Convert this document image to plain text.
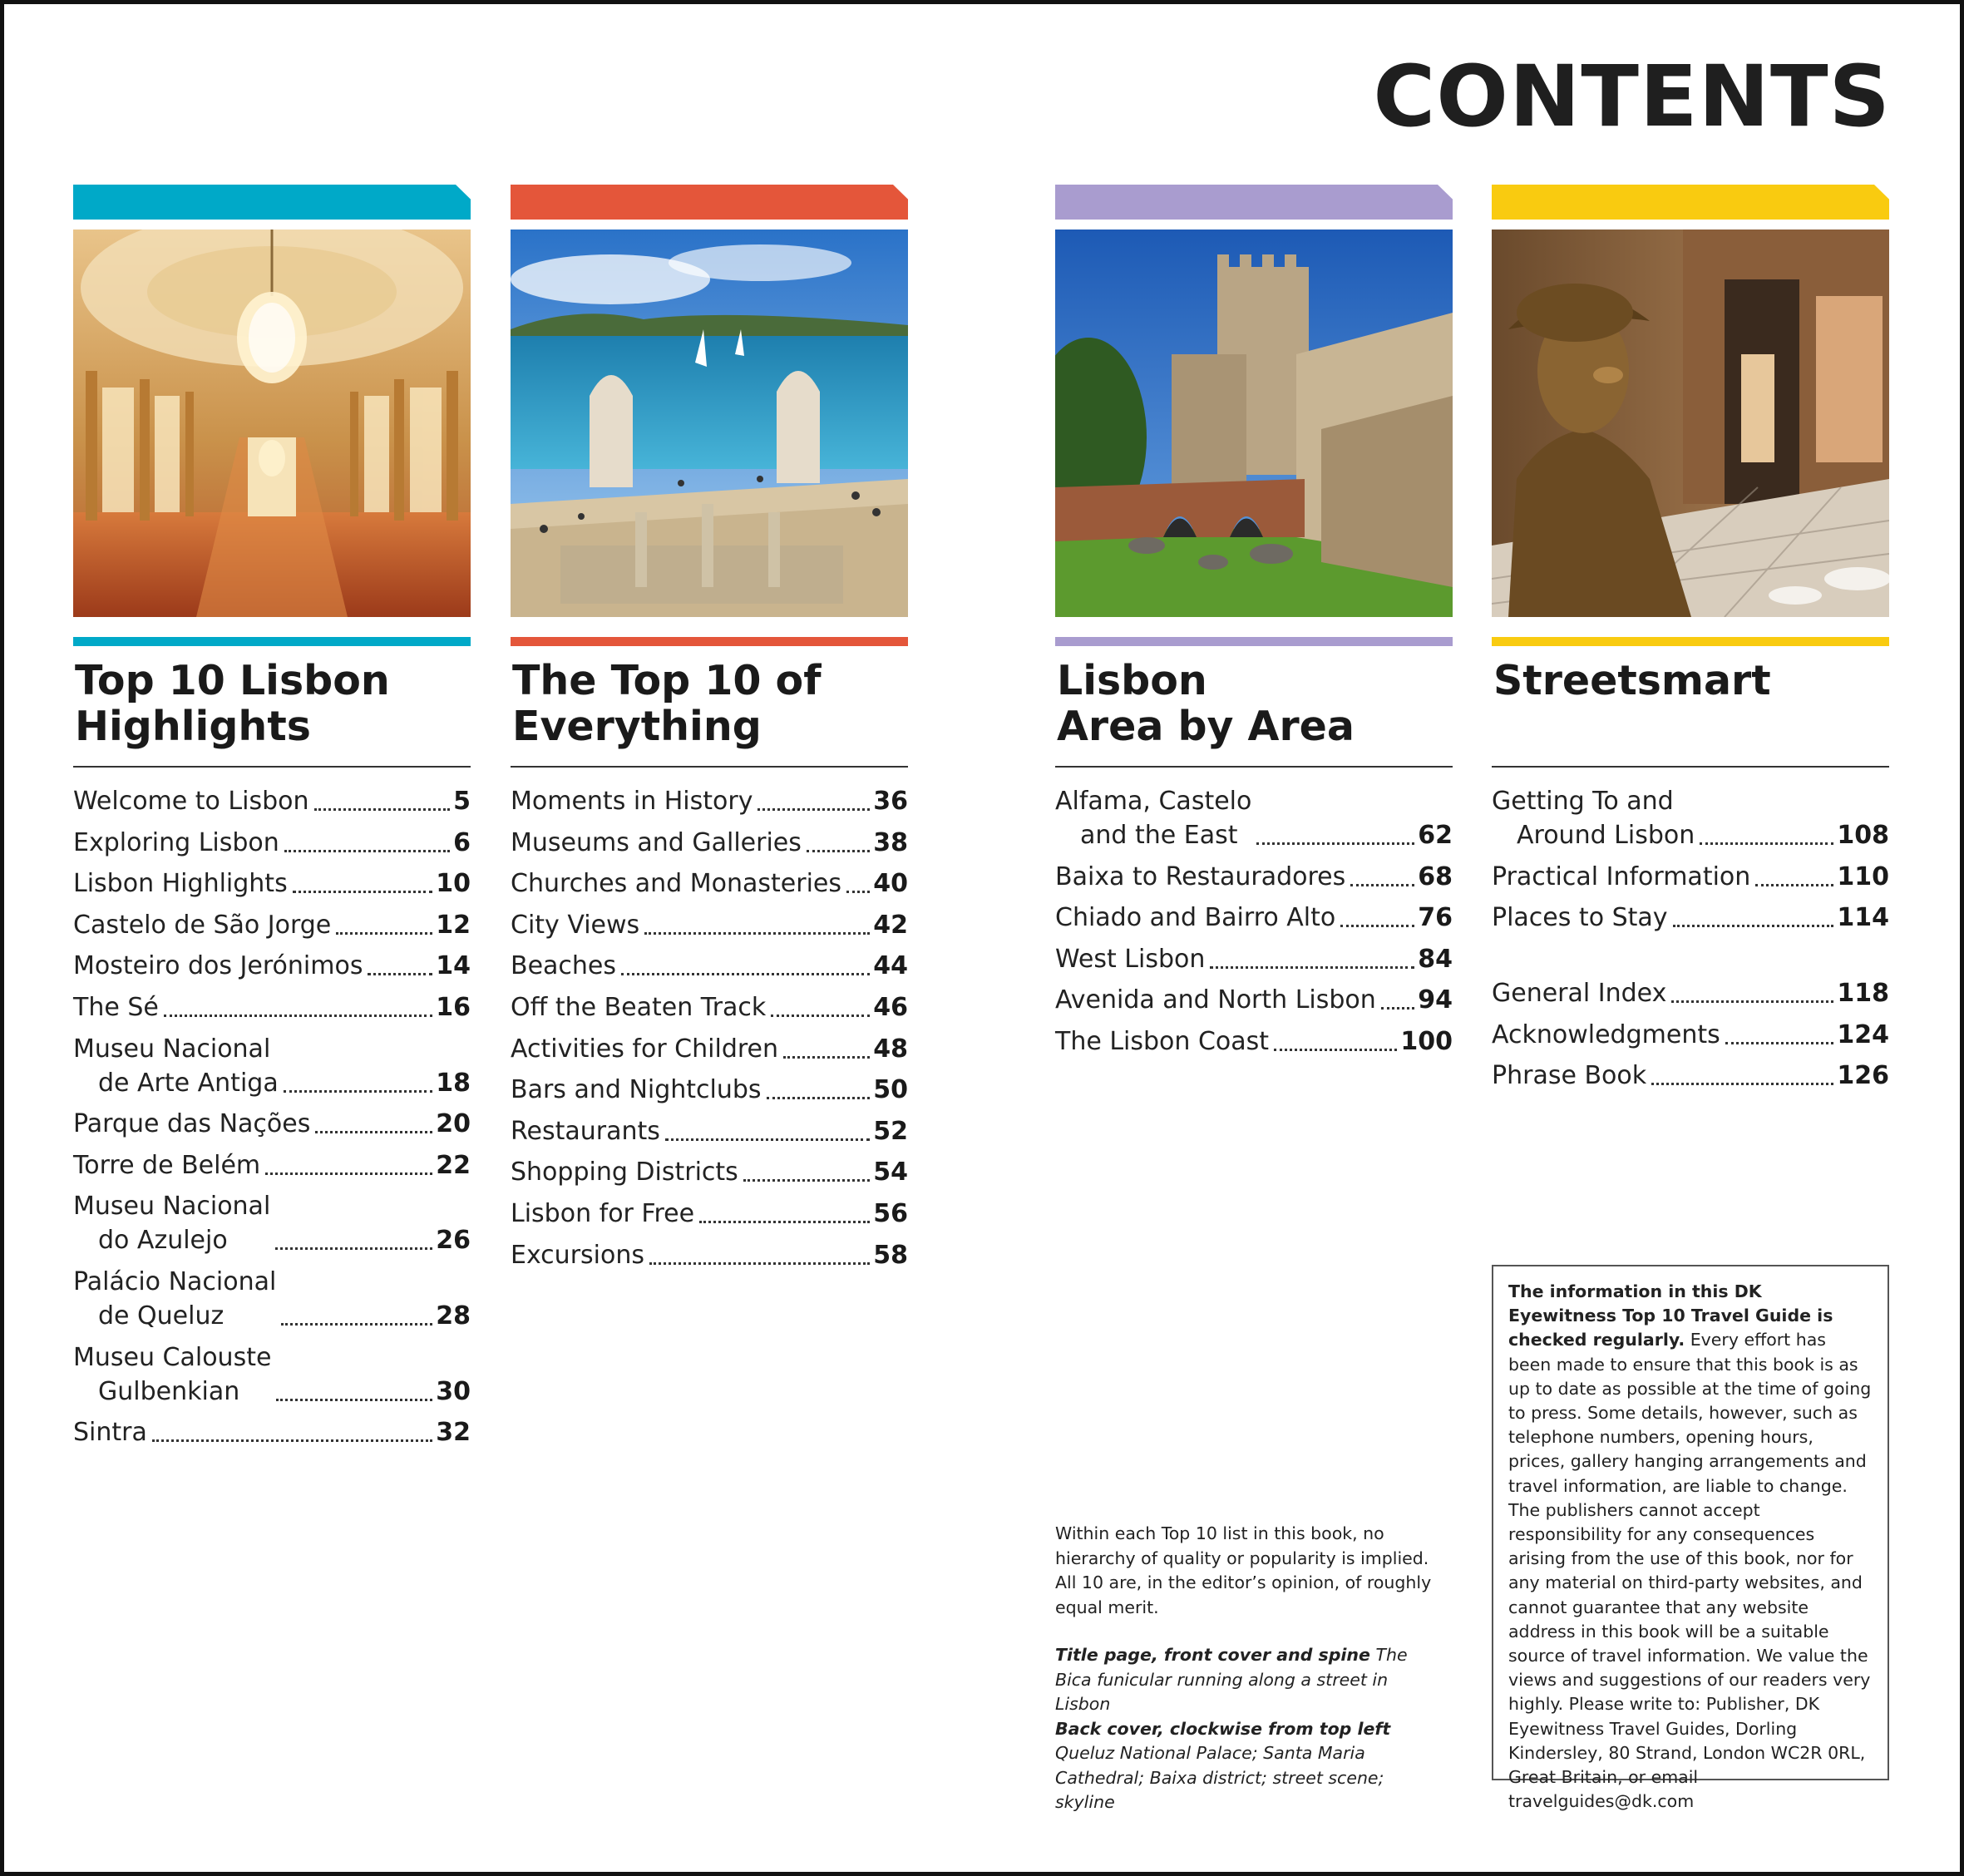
CONTENTS
Top 10 Lisbon
Highlights
Welcome to Lisbon	5
Exploring Lisbon	6
Lisbon Highlights	10
Castelo de São Jorge	12
Mosteiro dos Jerónimos	14
The Sé	16
Museu Nacional
de Arte Antiga	18
Parque das Nações	20
Torre de Belém	22
Museu Nacional
do Azulejo	26
Palácio Nacional
de Queluz	28
Museu Calouste
Gulbenkian	30
Sintra	32
The Top 10 of
Everything
Moments in History	36
Museums and Galleries	38
Churches and Monasteries 40
City Views	42
Beaches	44
Off the Beaten Track	46
Activities for Children	48
Bars and Nightclubs	50
Restaurants	52
Shopping Districts	54
Lisbon for Free	56
Excursions	58
Lisbon
Area by Area
Alfama, Castelo
and the East	62
Baixa to Restauradores	68
Chiado and Bairro Alto	76
West Lisbon	84
Avenida and North Lisbon 94
The Lisbon Coast	100
Streetsmart
Getting To and
Around Lisbon	108
Practical Information	110
Places to Stay	114
General Index	118
Acknowledgments	124
Phrase Book	126

Within each Top 10 list in this book, no hierarchy of quality or popularity is implied. All 10 are, in the editor’s opinion, of roughly equal merit.

Title page, front cover and spine The Bica funicular running along a street in Lisbon
Back cover, clockwise from top left Queluz National Palace; Santa Maria Cathedral; Baixa district; street scene; skyline

The information in this DK Eyewitness Top 10 Travel Guide is checked regularly. Every effort has been made to ensure that this book is as up to date as possible at the time of going to press. Some details, however, such as telephone numbers, opening hours, prices, gallery hanging arrangements and travel information, are liable to change. The publishers cannot accept responsibility for any consequences arising from the use of this book, nor for any material on third-party websites, and cannot guarantee that any website address in this book will be a suitable source of travel information. We value the views and suggestions of our readers very highly. Please write to: Publisher, DK Eyewitness Travel Guides, Dorling Kindersley, 80 Strand, London WC2R 0RL, Great Britain, or email travelguides@dk.com
